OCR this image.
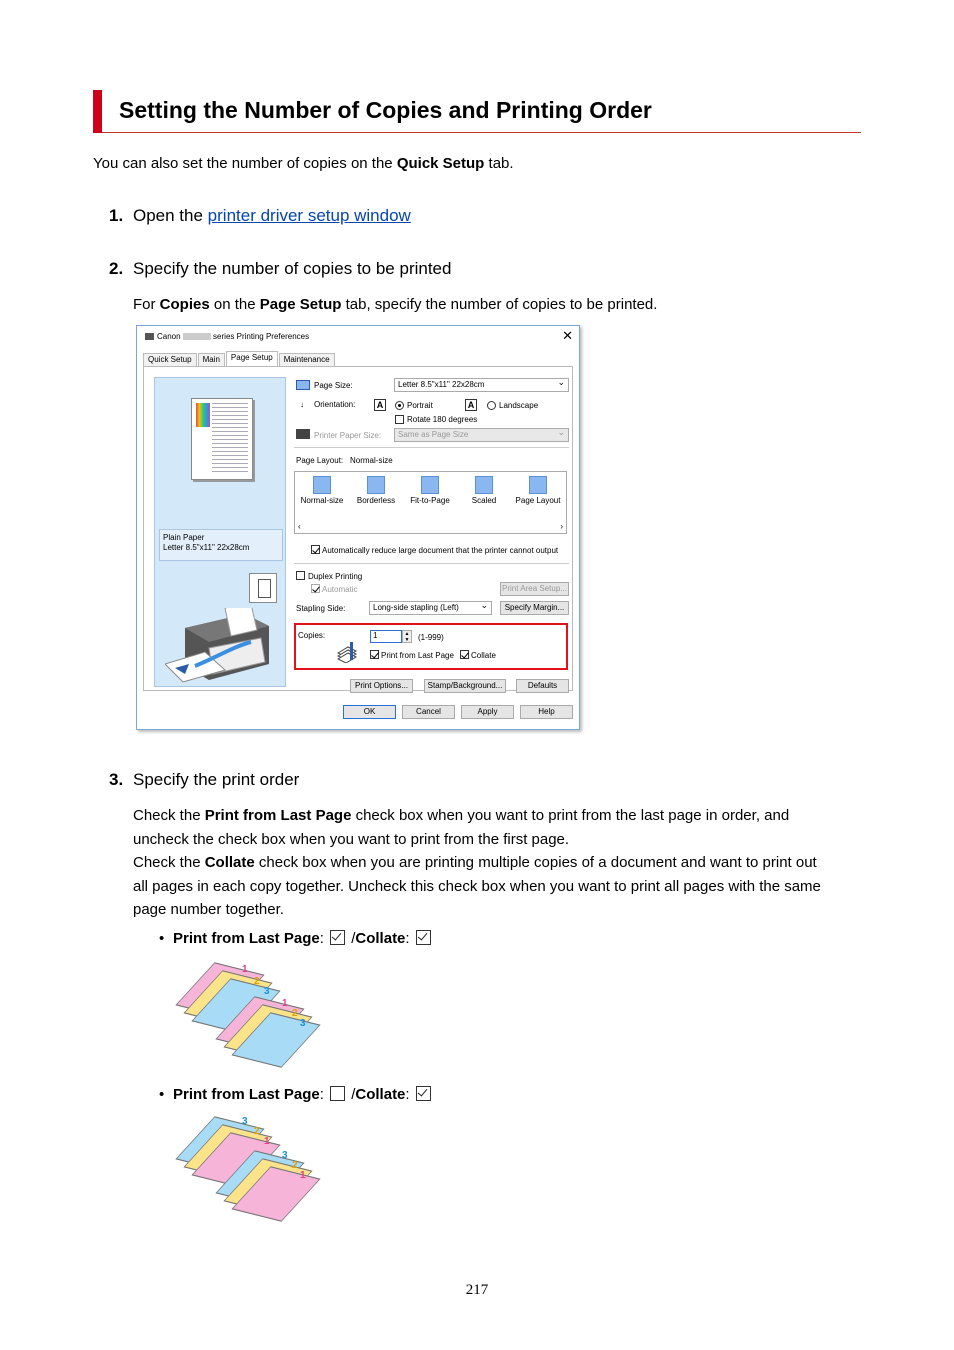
Setting the Number of Copies and Printing Order
You can also set the number of copies on the Quick Setup tab.
1. Open the printer driver setup window
2. Specify the number of copies to be printed
For Copies on the Page Setup tab, specify the number of copies to be printed.
Canon	series Printing Preferences	✕
Quick Setup	Main	Page Setup	Maintenance
Plain Paper
Letter 8.5"x11" 22x28cm
Page Size:	Letter 8.5"x11" 22x28cm ⌄
↓ Orientation:	A	Portrait	A	Landscape
Rotate 180 degrees
Printer Paper Size:	Same as Page Size ⌄
Page Layout: Normal-size
Normal-size	Borderless	Fit-to-Page	Scaled	Page Layout
‹	›
Automatically reduce large document that the printer cannot output
Duplex Printing
Automatic	Print Area Setup...
Stapling Side:	Long-side stapling (Left) ⌄	Specify Margin...
Copies:	1	▲
▼	(1-999)
Print from Last Page Collate
Print Options...	Stamp/Background...	Defaults
OK	Cancel	Apply	Help
3. Specify the print order
Check the Print from Last Page check box when you want to print from the last page in order, and
uncheck the check box when you want to print from the first page.
Check the Collate check box when you are printing multiple copies of a document and want to print out
all pages in each copy together. Uncheck this check box when you want to print all pages with the same
page number together.
• Print from Last Page:  /Collate:
1
2
3
1
2
3
• Print from Last Page:  /Collate:
3
2
1
3
2
1
217
